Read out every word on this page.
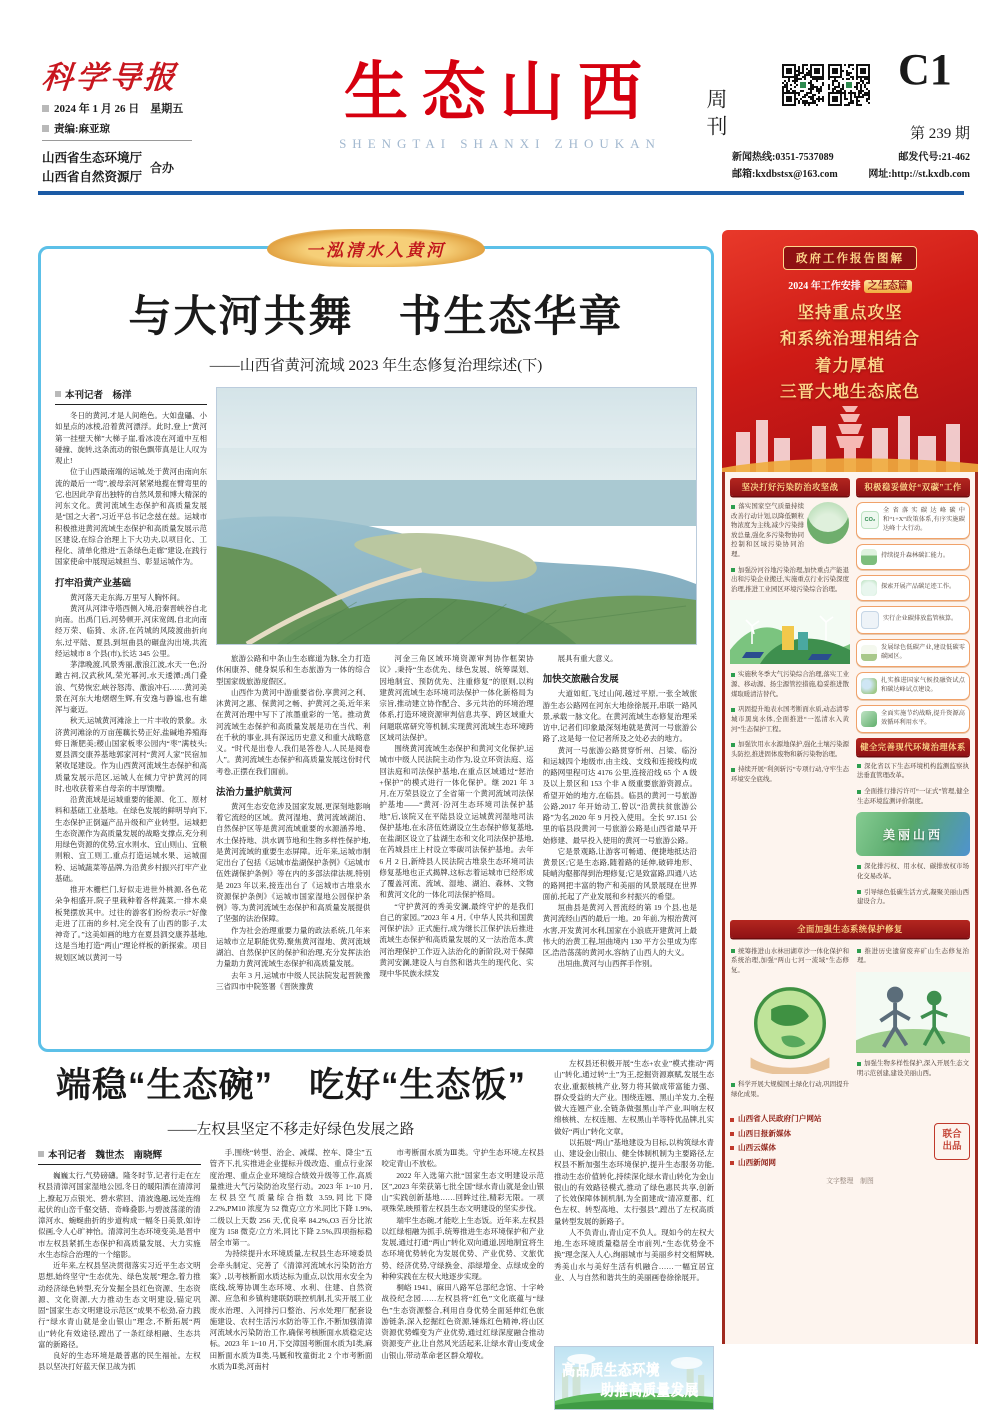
科学导报
2024 年 1 月 26 日　星期五
责编:麻亚琼
山西省生态环境厅
山西省自然资源厅
合办
生态山西
SHENGTAI SHANXI ZHOUKAN
周刊
C1
第 239 期
新闻热线:0351-7537089	邮发代号:21-462
邮箱:kxdbstsx@163.com	网址:http://st.kxdb.com
一泓清水入黄河
与大河共舞　书生态华章
——山西省黄河流域 2023 年生态修复治理综述(下)
本刊记者　杨洋

冬日的黄河,才是人间绝色。大如盘礧、小如星点的冰棱,沿着黄河漂浮。此时,登上“黄河第一挂壁天梯”大梯子崖,看冰凌在河道中互相碰撞、旋转,这条流动的银色飘带真是让人叹为观止!

位于山西最南端的运城,处于黄河由南向东流的最后一“弯”,被母亲河紧紧地揽在臂弯里的它,也因此孕育出独特的自然风景和博大精深的河东文化。黄河流域生态保护和高质量发展是“国之大者”,习近平总书记念兹在兹。运城市积极推进黄河流域生态保护和高质量发展示范区建设,在综合治理上下大功夫,以项目化、工程化、清单化推进“五条绿色走廊”建设,在践行国家使命中展现运城担当、彰显运城作为。

打牢沿黄产业基础

黄河落天走东海,万里写人胸怀间。

黄河从河津寺塔西侧入境,沿秦晋峡谷自北向南。出禹门后,河势顿开,河床宽阔,自北向南经万荣、临猗、永济,在芮城的风陵渡曲折向东,过平陆、夏县,到垣曲县的碾盘沟出境,共流经运城市 8 个县(市),长达 345 公里。

茅津晚渡,风景秀丽,激浪江波,水天一色;汾雎古祠,汉武秋风,荣光幂河,水天逶潭;禹门叠浪、气势恢宏,峡谷怒涛、激浪冲石……黄河美景在河东大地熠熠生辉,有安逸与静谧,也有雄浑与豪迈。

秋天,运城黄河滩涂上一片丰收的景象。永济黄河滩涂的万亩莲藕长势正好,盐碱地养殖海虾日渐肥美;稷山国家板枣公园内“枣”满枝头;夏县泗交康养基地郭家河村“黄河人家”民宿加紧收尾建设。作为山西黄河流域生态保护和高质量发展示范区,运城人在倾力守护黄河的同时,也收获着来自母亲的丰厚馈赠。

沿黄流域是运城重要的能源、化工、原材料和基础工业基地。在绿色发展的鲜明导向下,生态保护正倒逼产品升级和产业转型。运城把生态资源作为高质量发展的战略支撑点,充分利用绿色资源的优势,宜水则水、宜山则山、宜粮则粮、宜工则工,重点打造运城水果、运城面粉、运城蔬菜等品牌,为沿黄乡村振兴打牢产业基础。

推开木栅栏门,好似走进世外桃源,各色花朵争相盛开,院子里栽种着各样蔬菜,一排木桌板凳摆放其中。过往的游客们纷纷表示:“好像走进了江南的乡村,完全没有了山西的影子,太神奇了。”这美如画的地方在夏县泗交康养基地,这是当地打造“两山”理论样板的新探索。项目规划区域以黄河一号

旅游公路和中条山生态廊道为脉,全力打造休闲康养、健身娱乐和生态旅游为一体的综合型国家级旅游度假区。

山西作为黄河中游重要省份,享黄河之利、沐黄河之惠、保黄河之畅、护黄河之美,近年来在黄河治理中写下了浓墨重彩的一笔。推动黄河流域生态保护和高质量发展是功在当代、利在千秋的事业,具有深远历史意义和重大战略意义。“时代是出卷人,我们是答卷人,人民是阅卷人”。黄河流域生态保护和高质量发展这份时代考卷,正摆在我们面前。

法治力量护航黄河

黄河生态安危涉及国家发展,更深刻地影响着它流经的区域。黄河湿地、黄河流域湖泊、自然保护区等是黄河流域重要的水源涵养地、水土保持地、洪水调节地和生物多样性保护地,是黄河流域的重要生态屏障。近年来,运城市制定出台了包括《运城市盐湖保护条例》《运城市伍姓湖保护条例》等在内的多部法律法规,特别是 2023 年以来,接连出台了《运城市古堆泉水资源保护条例》《运城市国家湿地公园保护条例》等,为黄河流域生态保护和高质量发展提供了坚强的法治保障。

作为社会治理重要力量的政法系统,几年来运城市立足职能优势,聚焦黄河湿地、黄河流域湖泊、自然保护区的保护和治理,充分发挥法治力量助力黄河流域生态保护和高质量发展。

去年 3 月,运城市中级人民法院发起晋陕豫三省四市中院签署《晋陕豫黄

河金三角区域环境资源审判协作框架协议》,秉持“生态优先、绿色发展、统筹谋划、因地制宜、预防优先、注重修复”的原则,以构建黄河流域生态环境司法保护一体化新格局为宗旨,推动建立协作配合、多元共治的环境治理体系,打造环境资源审判信息共享、跨区域重大问题联席研究等机制,实现黄河流域生态环境跨区域司法保护。

围绕黄河流域生态保护和黄河文化保护,运城市中级人民法院主动作为,设立环资法庭、巡回法庭和司法保护基地,在重点区域通过“惩治+保护”的模式进行一体化保护。继 2021 年 3 月,在万荣县设立了全省第一个黄河流域司法保护基地——“黄河·汾河生态环境司法保护基地”后,该院又在平陆县设立运城黄河湿地司法保护基地,在永济伍姓湖设立生态保护修复基地,在盐湖区设立了盐湖生态和文化司法保护基地,在芮城县庄上村设立零碳司法保护基地。去年 6 月 2 日,新绛县人民法院古堆泉生态环境司法修复基地也正式揭牌,这标志着运城市已经形成了覆盖河流、流域、湿地、湖泊、森林、文物和黄河文化的一体化司法保护格局。

“守护黄河的秀美安澜,最终守护的是我们自己的家园。”2023 年 4 月,《中华人民共和国黄河保护法》正式施行,成为继长江保护法后推进流域生态保护和高质量发展的又一法治范本,黄河治理保护工作迈入法治化的新阶段,对于保障黄河安澜,建设人与自然和谐共生的现代化、实现中华民族永续发

展具有重大意义。

加快交旅融合发展

大道如虹,飞过山间,越过平原,一张全域旅游生态公路网在河东大地徐徐展开,串联一路风景,承载一脉文化。在黄河流域生态修复治理采访中,记者们印象最深刻地就是黄河一号旅游公路了,这是每一位记者所及之处必去的地方。

黄河一号旅游公路贯穿忻州、吕梁、临汾和运城四个地级市,由主线、支线和连接线构成的路网里程可达 4176 公里,连接沿线 65 个 A 级及以上景区和 153 个非 A 级重要旅游资源点。希望开始的地方,在临县。临县的黄河一号旅游公路,2017 年开始动工,曾以“沿黄扶贫旅游公路”为名,2020 年 9 月投入使用。全长 97.151 公里的临县段黄河一号旅游公路是山西省最早开始修建、最早投入使用的黄河一号旅游公路。

它是景观路,让游客可畅通、便捷地抵达沿黄景区;它是生态路,随着路的延伸,破碎地形、陡峭沟壑都得到治理修复;它是致富路,四通八达的路网把丰富的物产和美丽的风景展现在世界面前,托起了产业发展和乡村振兴的希望。

垣曲县是黄河入晋流经的第 19 个县,也是黄河流经山西的最后一地。20 年前,为根治黄河水害,开发黄河水利,国家在小浪底开建黄河上最伟大的治黄工程,垣曲境内 130 平方公里成为库区,浩浩荡荡的黄河水,容纳了山西人的大义。

出垣曲,黄河与山西挥手作别。

端稳“生态碗”　吃好“生态饭”
——左权县坚定不移走好绿色发展之路
本刊记者　魏世杰　南晓辉

巍巍太行,气势磅礴。隆冬时节,记者行走在左权县清漳河国家湿地公园,冬日的暖阳洒在清漳河上,撩起万点银光、碧水萦回、清波逸趣,远处连绵起伏的山峦千壑交错、奇峰叠影,与碧波荡漾的清漳河水、蜿蜒曲折的步道构成一幅冬日美景,如诗似画,令人心旷神怡。清漳河生态环境变美,是晋中市左权县紧抓生态保护和高质量发展、大力实施水生态综合治理的一个缩影。

近年来,左权县坚决贯彻落实习近平生态文明思想,始终坚守“生态优先、绿色发展”理念,着力推动经济绿色转型,充分发掘全县红色资源、生态资源、文化资源,大力推动生态文明建设,锚定巩固“国家生态文明建设示范区”成果不松劲,奋力践行“绿水青山就是金山银山”理念,不断拓展“两山”转化有效途径,蹚出了一条红绿相融、生态共富的新路径。

良好的生态环境是最普惠的民生福祉。左权县以坚决打好蓝天保卫战为抓

手,围绕“转型、治企、减煤、控车、降尘”五管齐下,扎实推进企业提标升级改造、重点行业深度治理、重点企业环境综合绩效升级等工作,高质量推进大气污染防治攻坚行动。2023 年 1~10 月,左权县空气质量综合指数 3.59,同比下降 2.2%,PM10 浓度为 52 微克/立方米,同比下降 1.9%,二级以上天数 256 天,优良率 84.2%,O3 百分比浓度为 158 微克/立方米,同比下降 2.5%,四项指标稳居全市第一。

为持续提升水环境质量,左权县生态环境委员会牵头制定、完善了《清漳河流域水污染防治方案》,以考核断面水质达标为重点,以饮用水安全为底线,统筹协调生态环境、水利、住建、自然资源、应急和乡镇构建联防联控机制,扎实开展工业废水治理、入河排污口整治、污水处理厂配套设施建设、农村生活污水防治等工作,不断加强清漳河流域水污染防治工作,确保考核断面水质稳定达标。2023 年 1~10 月,下交漳国考断面水质为Ⅰ类,麻田断面水质为Ⅱ类,马厩和牧童街北 2 个市考断面水质为Ⅱ类,河南村

市考断面水质为Ⅲ类。守护生态环境,左权县咬定青山不放松。

2022 年入选第六批“国家生态文明建设示范区”,2023 年荣获第七批全国“绿水青山就是金山银山”实践创新基地……回眸过往,精彩无限。一项项殊荣,映照着左权县生态文明建设的坚实步伐。

端牢生态碗,才能吃上生态饭。近年来,左权县以红绿相融为抓手,统筹推进生态环境保护和产业发展,通过打通“两山”转化双向通道,因地制宜将生态环境优势转化为发展优势、产业优势、文旅优势、经济优势,守绿换金、添绿增金、点绿成金的种种实践在左权大地逐步实现。

桐峪 1941、麻田八路军总部纪念馆、十字岭战役纪念园……左权县将“红色”文化底蕴与“绿色”生态资源整合,利用自身优势全面延伸红色旅游链条,深入挖掘红色资源,锤炼红色精神,将山区资源优势蝶变为产业优势,通过红绿深度融合推动资源变产业,让自然风光活起来,让绿水青山变成金山银山,带动革命老区群众增收。

左权县还积极开展“生态+农业”模式推动“两山”转化,通过转“土”为王,挖掘资源禀赋,发展生态农业,重振核桃产业,努力将其做成带富能力强、群众受益的大产业。围绕连翘、黑山羊发力,全程做大连翘产业,全链条做强黑山羊产业,叫响左权绵核桃、左权连翘、左权黑山羊等特优品牌,扎实做好“两山”转化文章。

以拓展“两山”基地建设为目标,以构筑绿水青山、建设金山银山、健全体制机制为主要路径,左权县不断加强生态环境保护,提升生态服务功能,推动生态价值转化,持续深化绿水青山转化为金山银山的有效路径模式,推动了绿色惠民共享,创新了长效保障体制机制,为全面建成“清凉夏都、红色左权、转型高地、太行强县”,蹚出了左权高质量转型发展的新路子。

人不负青山,青山定不负人。现如今的左权大地,生态环境质量稳居全市前列,“生态优势金不换”理念深入人心,绚丽城市与美丽乡村交相辉映,秀美山水与美好生活有机融合……一幅宜居宜业、人与自然和谐共生的美丽画卷徐徐展开。

高品质生态环境
助推高质量发展
政府工作报告图解
2024 年工作安排 之生态篇
坚持重点攻坚
和系统治理相结合
着力厚植
三晋大地生态底色
坚决打好污染防治攻坚战
落实国家空气质量持续改善行动计划,以降低颗粒物浓度为主线,减少污染排放总量,强化多污染物协同控制和区域污染协同治理。
加强汾河谷地污染治理,加快重点产能退出和污染企业搬迁,实施重点行业污染深度治理,推进工业园区环境污染综合治理。
实施秋冬季大气污染综合治理,落实工业源、移动源、扬尘源管控措施,稳妥推进散煤取暖清洁替代。
巩固提升地表水国考断面水质,动态清零城市黑臭水体,全面推进“一泓清水入黄河”生态保护工程。
加强饮用水水源地保护,强化土壤污染源头防控,推进固体废物和新污染物治理。
持续开展“利剑斩污”专项行动,守牢生态环境安全底线。
积极稳妥做好“双碳”工作
CO₂
全省落实碳达峰碳中和“1+X”政策体系,有序实施碳达峰十大行动。
持续提升森林碳汇能力。
探索开展产品碳足迹工作。
实行企业碳排放监管核算。
发展绿色低碳产业,建设低碳零碳园区。
扎实推进国家气候投融资试点和碳达峰试点建设。
全面实施节约战略,提升资源高效循环利用水平。
健全完善现代环境治理体系
深化省以下生态环境机构监测监察执法垂直管理改革。
全面推行排污许可“一证式”管理,健全生态环境监测评价制度。
美丽山西
深化排污权、用水权、碳排放权市场化交易改革。
引导绿色低碳生活方式,凝聚美丽山西建设合力。
全面加强生态系统保护修复
统筹推进山水林田湖草沙一体化保护和系统治理,加强“两山七河一流域”生态修复。
科学开展大规模国土绿化行动,巩固提升绿化成果。
推进历史遗留废弃矿山生态修复治理。
加强生物多样性保护,深入开展生态文明示范创建,建设美丽山西。
山西省人民政府门户网站
山西日报新媒体
山西云媒体
山西新闻网
联合出品
文字整理　制图
